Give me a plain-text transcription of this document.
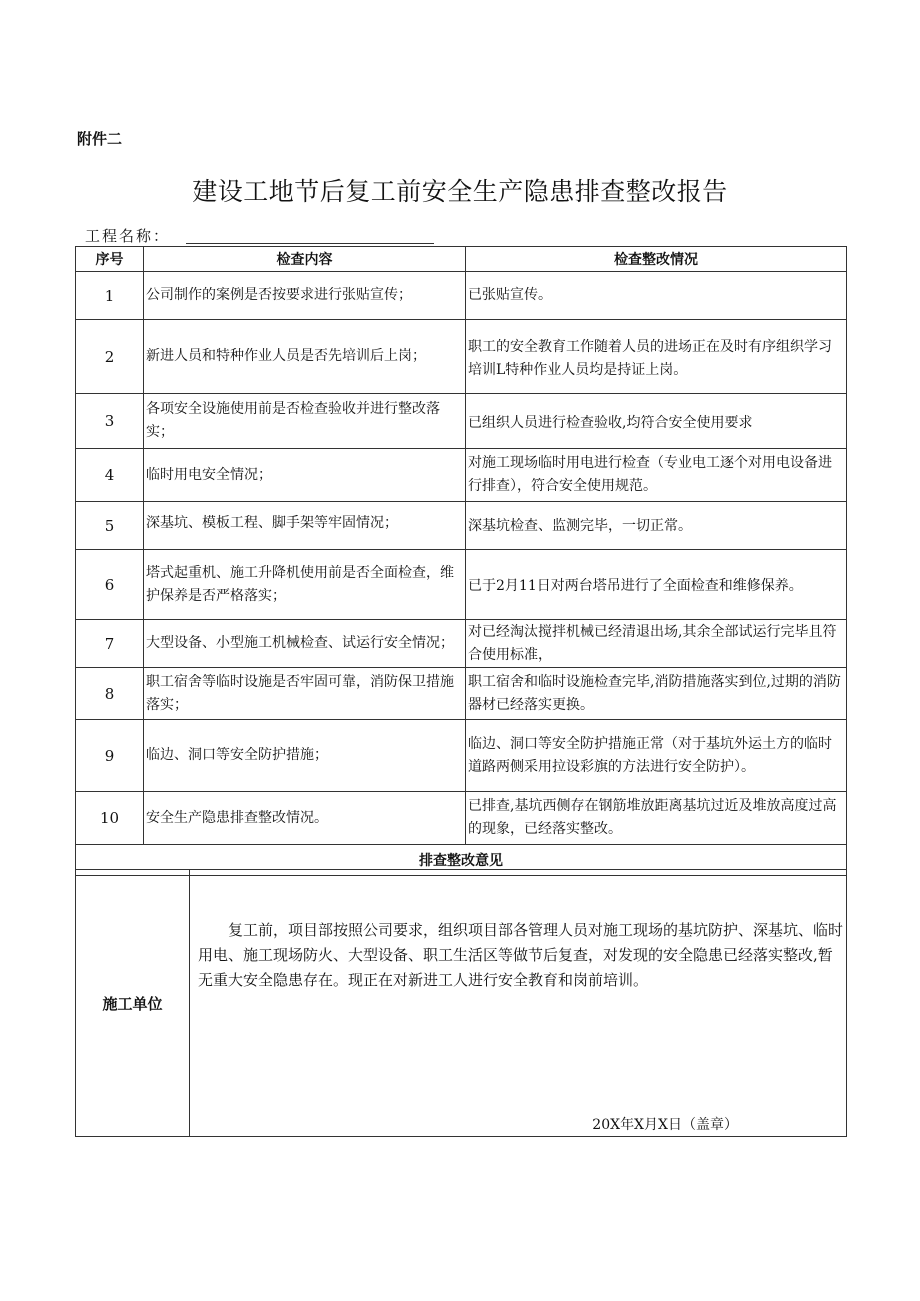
附件二
建设工地节后复工前安全生产隐患排查整改报告
工程名称：
序号	检查内容	检查整改情况
1	公司制作的案例是否按要求进行张贴宣传；	已张贴宣传。
2	新进人员和特种作业人员是否先培训后上岗；	职工的安全教育工作随着人员的进场正在及时有序组织学习培训L特种作业人员均是持证上岗。
3	各项安全设施使用前是否检查验收并进行整改落实；	已组织人员进行检查验收,均符合安全使用要求
4	临时用电安全情况；	对施工现场临时用电进行检查（专业电工逐个对用电设备进行排查），符合安全使用规范。
5	深基坑、模板工程、脚手架等牢固情况；	深基坑检查、监测完毕，一切正常。
6	塔式起重机、施工升降机使用前是否全面检查，维护保养是否严格落实；	已于2月11日对两台塔吊进行了全面检查和维修保养。
7	大型设备、小型施工机械检查、试运行安全情况；	对已经淘汰搅拌机械已经清退出场,其余全部试运行完毕且符合使用标准，
8	职工宿舍等临时设施是否牢固可靠，消防保卫措施落实；	职工宿舍和临时设施检查完毕,消防措施落实到位,过期的消防器材已经落实更换。
9	临边、洞口等安全防护措施；	临边、洞口等安全防护措施正常（对于基坑外运土方的临时道路两侧采用拉设彩旗的方法进行安全防护）。
10	安全生产隐患排查整改情况。	已排查,基坑西侧存在钢筋堆放距离基坑过近及堆放高度过高的现象，已经落实整改。
排查整改意见		
施工单位	
复工前，项目部按照公司要求，组织项目部各管理人员对施工现场的基坑防护、深基坑、临时用电、施工现场防火、大型设备、职工生活区等做节后复查，对发现的安全隐患已经落实整改,暂无重大安全隐患存在。现正在对新进工人进行安全教育和岗前培训。
20X年X月X日（盖章）
